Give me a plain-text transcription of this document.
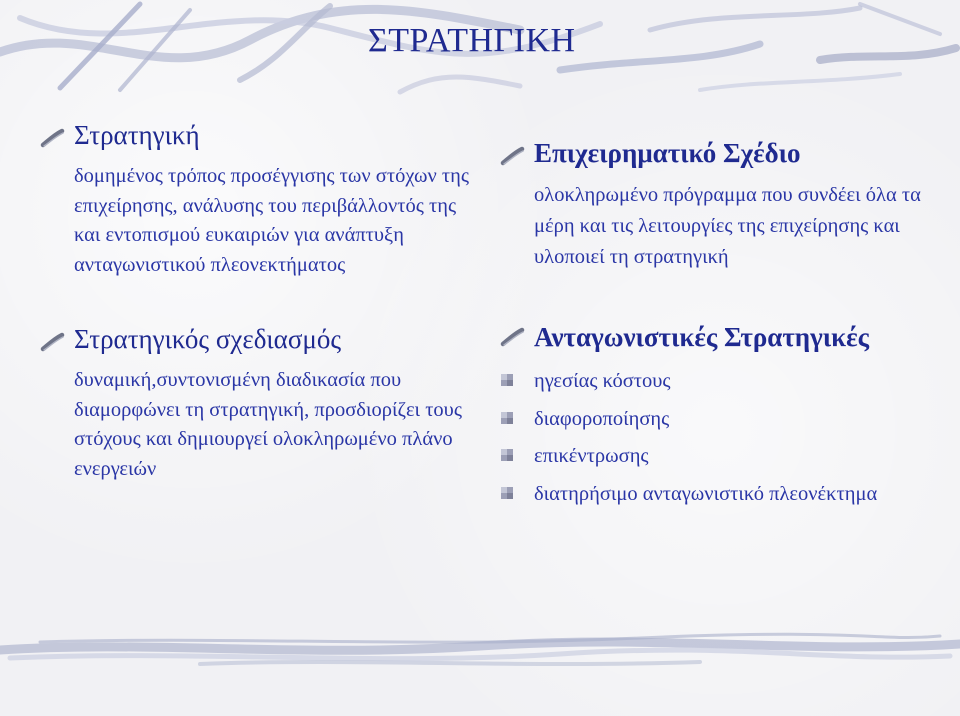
ΣΤΡΑΤΗΓΙΚΗ
Στρατηγική
δομημένος τρόπος προσέγγισης των στόχων της επιχείρησης, ανάλυσης του περιβάλλοντός της και εντοπισμού ευκαιριών για ανάπτυξη ανταγωνιστικού πλεονεκτήματος
Στρατηγικός σχεδιασμός
δυναμική,συντονισμένη διαδικασία που διαμορφώνει τη στρατηγική, προσδιορίζει τους στόχους και δημιουργεί ολοκληρωμένο πλάνο ενεργειών
Επιχειρηματικό Σχέδιο
ολοκληρωμένο πρόγραμμα που συνδέει όλα τα μέρη και τις λειτουργίες της επιχείρησης και υλοποιεί τη στρατηγική
Ανταγωνιστικές Στρατηγικές
ηγεσίας κόστους
διαφοροποίησης
επικέντρωσης
διατηρήσιμο ανταγωνιστικό πλεονέκτημα
